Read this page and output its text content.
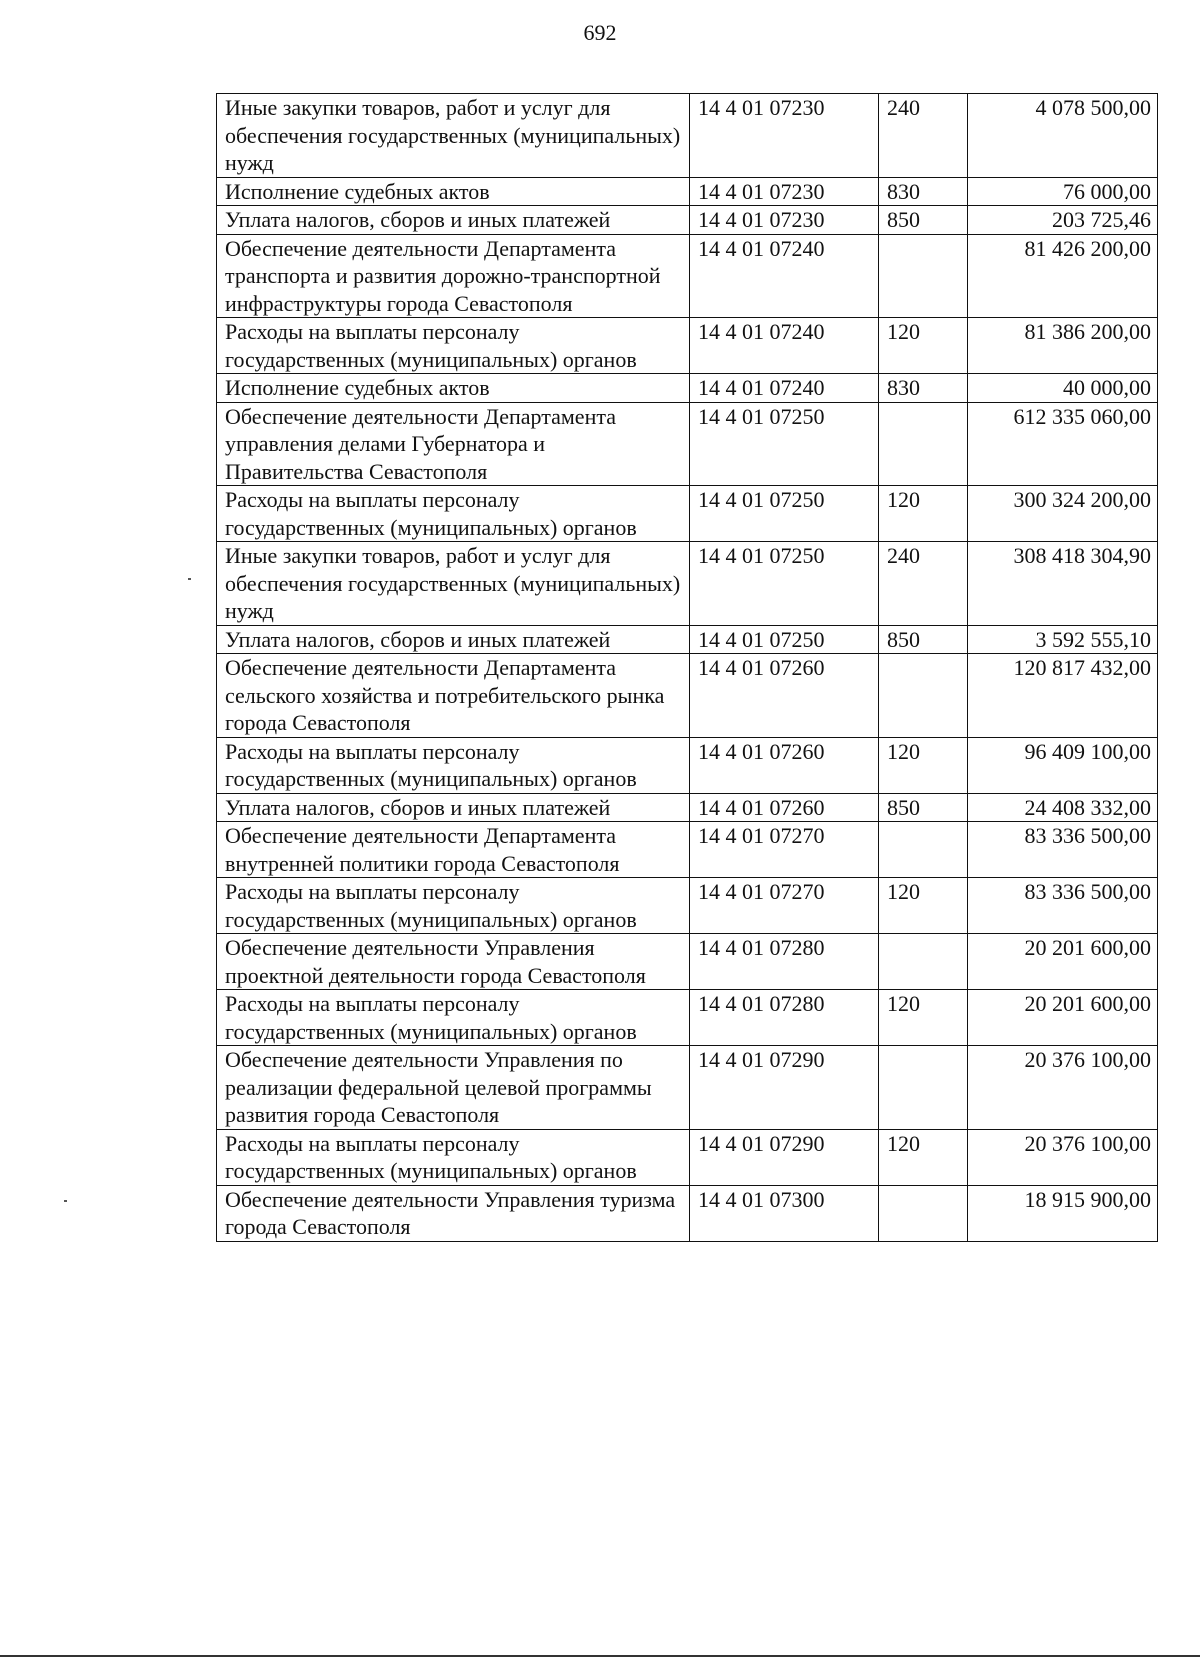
692
Иные закупки товаров, работ и услуг для обеспечения государственных (муниципальных) нужд	14 4 01 07230	240	4 078 500,00
Исполнение судебных актов	14 4 01 07230	830	76 000,00
Уплата налогов, сборов и иных платежей	14 4 01 07230	850	203 725,46
Обеспечение деятельности Департамента транспорта и развития дорожно-транспортной инфраструктуры города Севастополя	14 4 01 07240		81 426 200,00
Расходы на выплаты персоналу государственных (муниципальных) органов	14 4 01 07240	120	81 386 200,00
Исполнение судебных актов	14 4 01 07240	830	40 000,00
Обеспечение деятельности Департамента управления делами Губернатора и Правительства Севастополя	14 4 01 07250		612 335 060,00
Расходы на выплаты персоналу государственных (муниципальных) органов	14 4 01 07250	120	300 324 200,00
Иные закупки товаров, работ и услуг для обеспечения государственных (муниципальных) нужд	14 4 01 07250	240	308 418 304,90
Уплата налогов, сборов и иных платежей	14 4 01 07250	850	3 592 555,10
Обеспечение деятельности Департамента сельского хозяйства и потребительского рынка города Севастополя	14 4 01 07260		120 817 432,00
Расходы на выплаты персоналу государственных (муниципальных) органов	14 4 01 07260	120	96 409 100,00
Уплата налогов, сборов и иных платежей	14 4 01 07260	850	24 408 332,00
Обеспечение деятельности Департамента внутренней политики города Севастополя	14 4 01 07270		83 336 500,00
Расходы на выплаты персоналу государственных (муниципальных) органов	14 4 01 07270	120	83 336 500,00
Обеспечение деятельности Управления проектной деятельности города Севастополя	14 4 01 07280		20 201 600,00
Расходы на выплаты персоналу государственных (муниципальных) органов	14 4 01 07280	120	20 201 600,00
Обеспечение деятельности Управления по реализации федеральной целевой программы развития города Севастополя	14 4 01 07290		20 376 100,00
Расходы на выплаты персоналу государственных (муниципальных) органов	14 4 01 07290	120	20 376 100,00
Обеспечение деятельности Управления туризма города Севастополя	14 4 01 07300		18 915 900,00
